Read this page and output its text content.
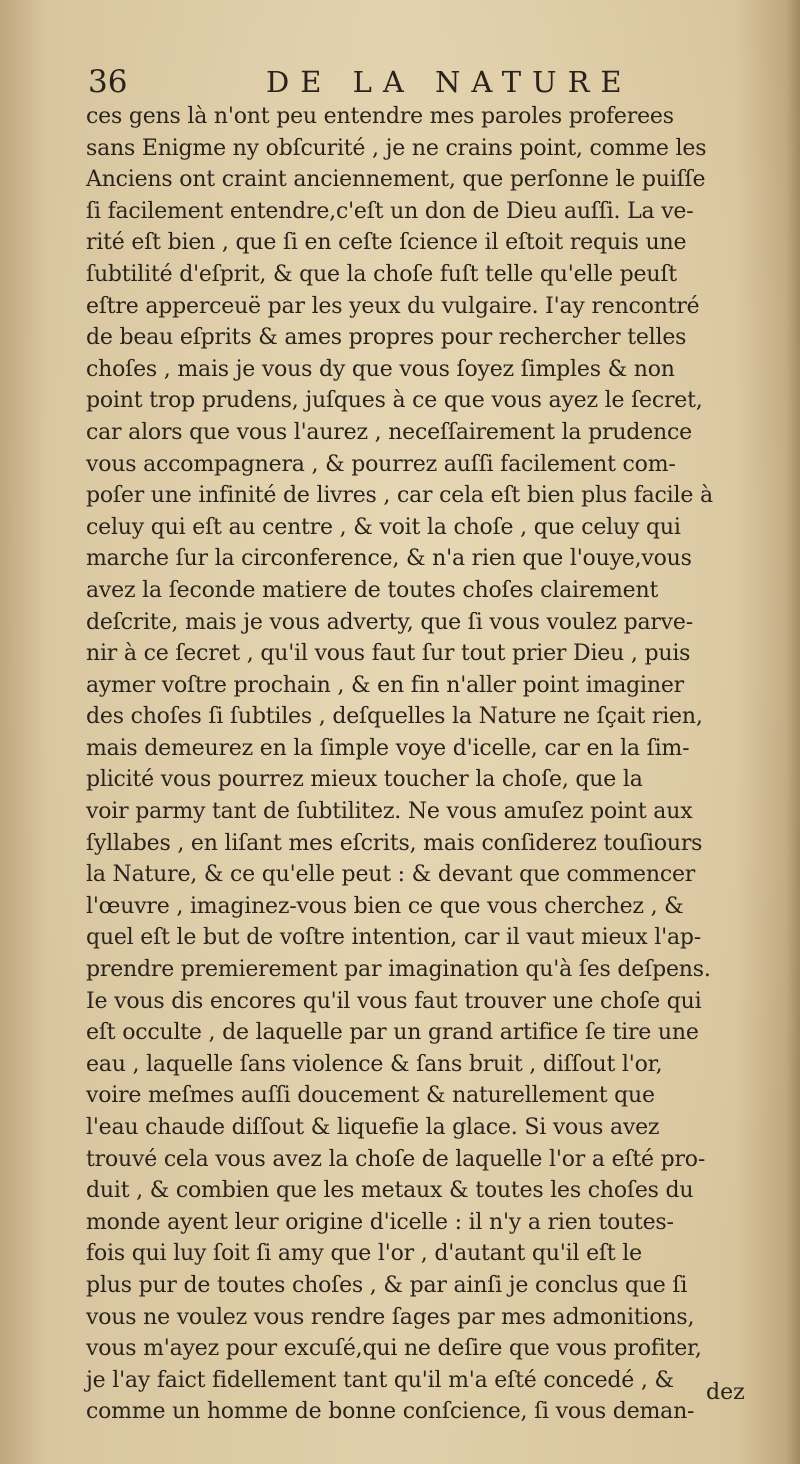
36	DE LA NATURE
ces gens là n'ont peu entendre mes paroles proferees
sans Enigme ny obſcurité , je ne crains point, comme les
Anciens ont craint anciennement, que perſonne le puiſſe
ſi facilement entendre,c'eſt un don de Dieu auſſi. La ve-
rité eſt bien , que ſi en ceſte ſcience il eſtoit requis une
ſubtilité d'eſprit, & que la choſe fuſt telle qu'elle peuſt
eſtre apperceuë par les yeux du vulgaire. I'ay rencontré
de beau eſprits & ames propres pour rechercher telles
choſes , mais je vous dy que vous ſoyez ſimples & non
point trop prudens, juſques à ce que vous ayez le ſecret,
car alors que vous l'aurez , neceſſairement la prudence
vous accompagnera , & pourrez auſſi facilement com-
poſer une infinité de livres , car cela eſt bien plus facile à
celuy qui eſt au centre , & voit la choſe , que celuy qui
marche ſur la circonference, & n'a rien que l'ouye,vous
avez la ſeconde matiere de toutes choſes clairement
deſcrite, mais je vous adverty, que ſi vous voulez parve-
nir à ce ſecret , qu'il vous faut ſur tout prier Dieu , puis
aymer voſtre prochain , & en fin n'aller point imaginer
des choſes ſi ſubtiles , deſquelles la Nature ne ſçait rien,
mais demeurez en la ſimple voye d'icelle, car en la ſim-
plicité vous pourrez mieux toucher la choſe, que la
voir parmy tant de ſubtilitez. Ne vous amuſez point aux
ſyllabes , en liſant mes eſcrits, mais conſiderez touſiours
la Nature, & ce qu'elle peut : & devant que commencer
l'œuvre , imaginez-vous bien ce que vous cherchez , &
quel eſt le but de voſtre intention, car il vaut mieux l'ap-
prendre premierement par imagination qu'à ſes deſpens.
Ie vous dis encores qu'il vous faut trouver une choſe qui
eſt occulte , de laquelle par un grand artifice ſe tire une
eau , laquelle ſans violence & ſans bruit , diſſout l'or,
voire meſmes auſſi doucement & naturellement que
l'eau chaude diſſout & liquefie la glace. Si vous avez
trouvé cela vous avez la choſe de laquelle l'or a eſté pro-
duit , & combien que les metaux & toutes les choſes du
monde ayent leur origine d'icelle : il n'y a rien toutes-
fois qui luy ſoit ſi amy que l'or , d'autant qu'il eſt le
plus pur de toutes choſes , & par ainſi je conclus que ſi
vous ne voulez vous rendre ſages par mes admonitions,
vous m'ayez pour excuſé,qui ne deſire que vous profiter,
je l'ay faict fidellement tant qu'il m'a eſté concedé , &
comme un homme de bonne conſcience, ſi vous deman-
dez
